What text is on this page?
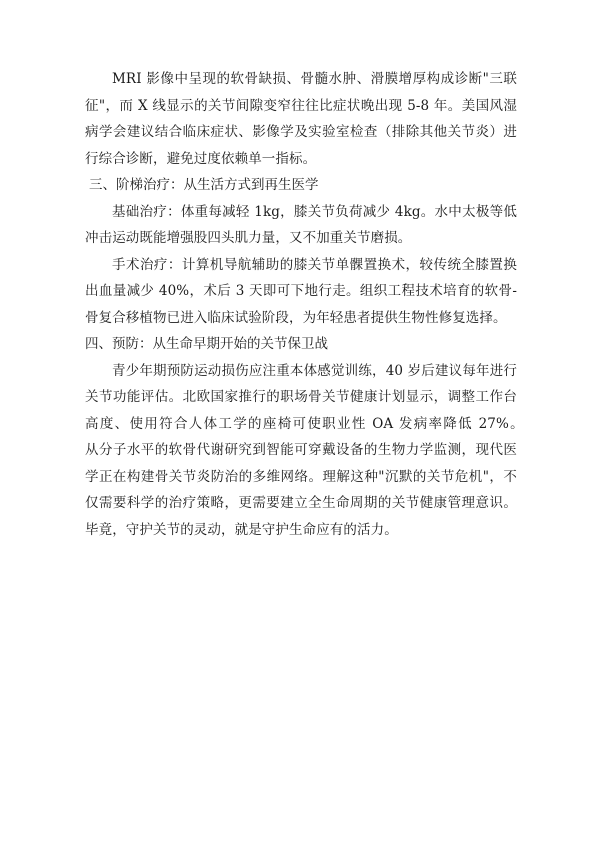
MRI 影像中呈现的软骨缺损、骨髓水肿、滑膜增厚构成诊断"三联征"，而 X 线显示的关节间隙变窄往往比症状晚出现 5-8 年。美国风湿病学会建议结合临床症状、影像学及实验室检查（排除其他关节炎）进行综合诊断，避免过度依赖单一指标。

三、阶梯治疗：从生活方式到再生医学

基础治疗：体重每减轻 1kg，膝关节负荷减少 4kg。水中太极等低冲击运动既能增强股四头肌力量，又不加重关节磨损。

手术治疗：计算机导航辅助的膝关节单髁置换术，较传统全膝置换出血量减少 40%，术后 3 天即可下地行走。组织工程技术培育的软骨-骨复合移植物已进入临床试验阶段，为年轻患者提供生物性修复选择。

四、预防：从生命早期开始的关节保卫战

青少年期预防运动损伤应注重本体感觉训练，40 岁后建议每年进行关节功能评估。北欧国家推行的职场骨关节健康计划显示，调整工作台高度、使用符合人体工学的座椅可使职业性 OA 发病率降低 27%。　　 从分子水平的软骨代谢研究到智能可穿戴设备的生物力学监测，现代医学正在构建骨关节炎防治的多维网络。理解这种"沉默的关节危机"，不仅需要科学的治疗策略，更需要建立全生命周期的关节健康管理意识。毕竟，守护关节的灵动，就是守护生命应有的活力。
